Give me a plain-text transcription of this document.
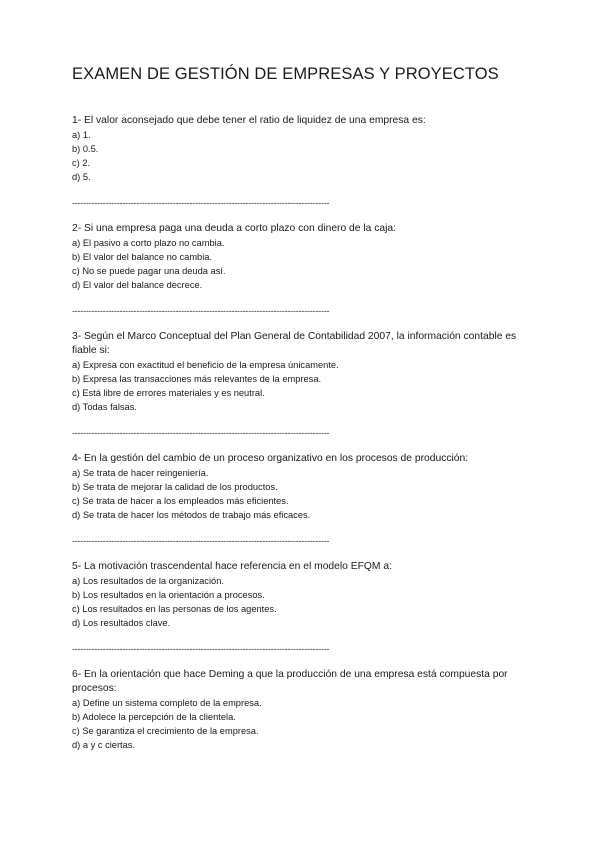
EXAMEN DE GESTIÓN DE EMPRESAS Y PROYECTOS

1- El valor aconsejado que debe tener el ratio de liquidez de una empresa es:

a) 1.
b) 0.5.
c) 2.
d) 5.
--------------------------------------------------------------------------------------------

2- Si una empresa paga una deuda a corto plazo con dinero de la caja:

a) El pasivo a corto plazo no cambia.
b) El valor del balance no cambia.
c) No se puede pagar una deuda así.
d) El valor del balance decrece.
--------------------------------------------------------------------------------------------

3- Según el Marco Conceptual del Plan General de Contabilidad 2007, la información contable es fiable si:

a) Expresa con exactitud el beneficio de la empresa únicamente.
b) Expresa las transacciones más relevantes de la empresa.
c) Está libre de errores materiales y es neutral.
d) Todas falsas.
--------------------------------------------------------------------------------------------

4- En la gestión del cambio de un proceso organizativo en los procesos de producción:

a) Se trata de hacer reingeniería.
b) Se trata de mejorar la calidad de los productos.
c) Se trata de hacer a los empleados más eficientes.
d) Se trata de hacer los métodos de trabajo más eficaces.
--------------------------------------------------------------------------------------------

5- La motivación trascendental hace referencia en el modelo EFQM a:

a) Los resultados de la organización.
b) Los resultados en la orientación a procesos.
c) Los resultados en las personas de los agentes.
d) Los resultados clave.
--------------------------------------------------------------------------------------------

6- En la orientación que hace Deming a que la producción de una empresa está compuesta por procesos:

a) Define un sistema completo de la empresa.
b) Adolece la percepción de la clientela.
c) Se garantiza el crecimiento de la empresa.
d) a y c ciertas.
